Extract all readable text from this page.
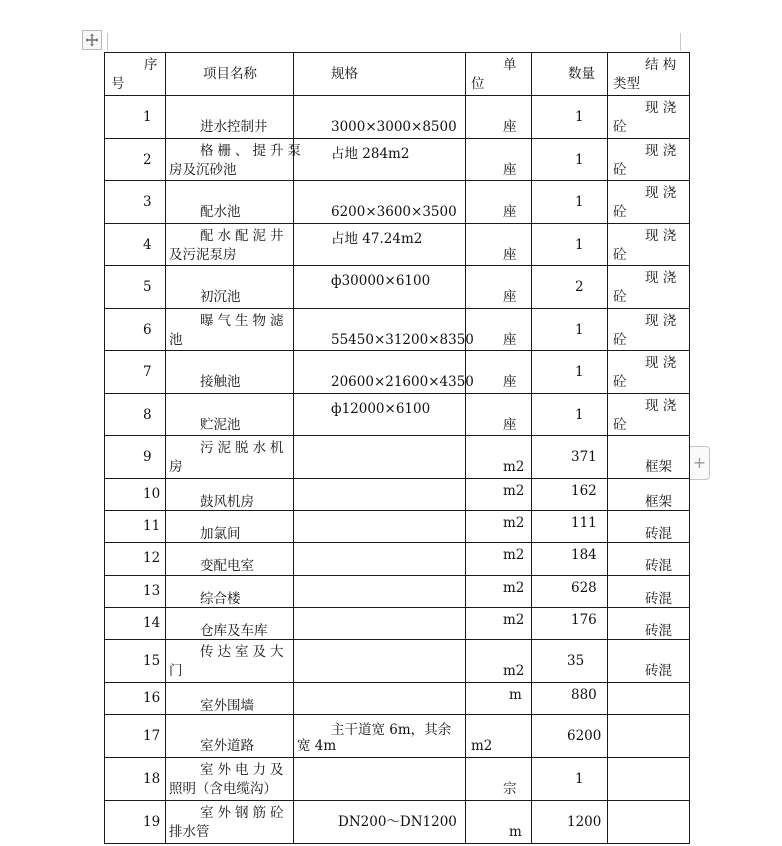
序
号	项目名称	规格	单
位	数量	结 构
类型

1	进水控制井	3000×3000×8500	座	1	现 浇
砼

2	格栅、提升泵
房及沉砂池	占地 284m2	座	1	现 浇
砼

3	配水池	6200×3600×3500	座	1	现 浇
砼

4	配水配泥井
及污泥泵房	占地 47.24m2	座	1	现 浇
砼

5	初沉池	ф30000×6100	座	2	现 浇
砼

6	曝气生物滤
池	55450×31200×8350	座	1	现 浇
砼

7	接触池	20600×21600×4350	座	1	现 浇
砼

8	贮泥池	ф12000×6100	座	1	现 浇
砼

9	污泥脱水机
房		m2	371	框架

10	鼓风机房		m2	162	框架

11	加氯间		m2	111	砖混

12	变配电室		m2	184	砖混

13	综合楼		m2	628	砖混

14	仓库及车库		m2	176	砖混

15	传达室及大
门		m2	35	砖混

16	室外围墙		m	880	

17	室外道路	主干道宽 6m，其余
宽 4m	m2	6200	

18	室外电力及
照明（含电缆沟）		宗	1	

19	室外钢筋砼
排水管	DN200～DN1200	m	1200	

+
